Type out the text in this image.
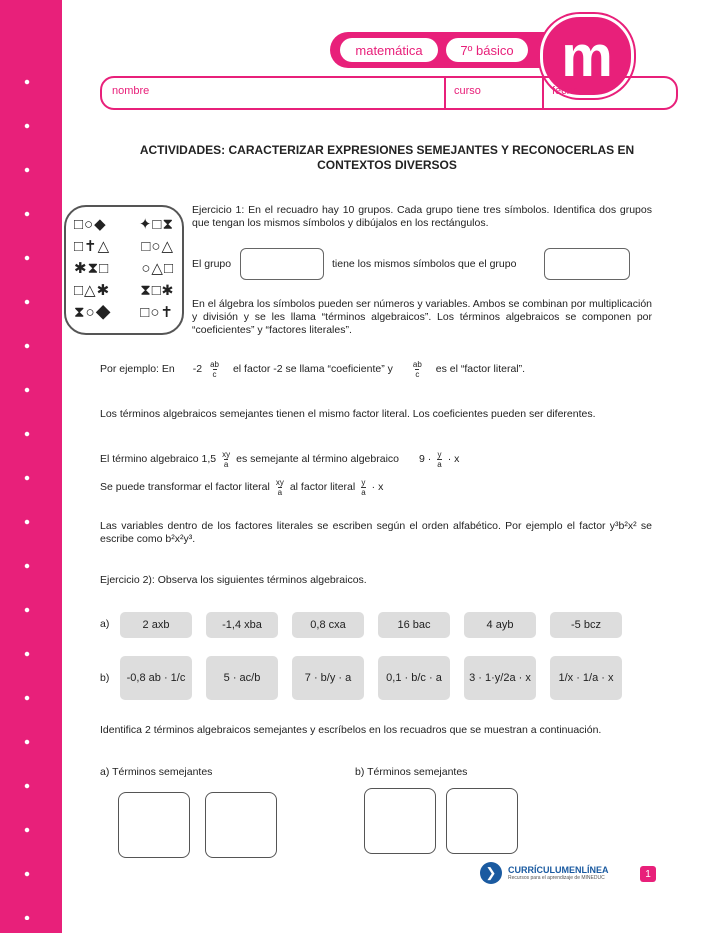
matemática	7º básico m
nombre	curso	fecha
ACTIVIDADES: CARACTERIZAR EXPRESIONES SEMEJANTES Y RECONOCERLAS EN
CONTEXTOS DIVERSOS
□○◆ ✦□⧗
□✝△ □○△
✱⧗□ ○△□
□△✱ ⧗□✱
⧗○◆ □○✝
Ejercicio 1: En el recuadro hay 10 grupos. Cada grupo tiene tres símbolos. Identifica dos grupos que tengan los mismos símbolos y dibújalos en los rectángulos.
El grupo	tiene los mismos símbolos que el grupo
En el álgebra los símbolos pueden ser números y variables. Ambos se combinan por multiplicación y división y se les llama “términos algebraicos”. Los términos algebraicos se componen por “coeficientes” y “factores literales”.
Por ejemplo: En $-2 \frac{ab}{c}$ el factor -2 se llama “coeficiente” y	$\frac{ab}{c}$ es el “factor literal”.
Los términos algebraicos semejantes tienen el mismo factor literal. Los coeficientes pueden ser diferentes.
El término algebraico $1,5 \frac{xy}{a}$ es semejante al término algebraico $9 \cdot \frac{y}{a} \cdot x$
Se puede transformar el factor literal $\frac{xy}{a}$ al factor literal $\frac{y}{a} \cdot x$
Las variables dentro de los factores literales se escriben según el orden alfabético. Por ejemplo el factor y³b²x² se escribe como b²x²y³.
Ejercicio 2): Observa los siguientes términos algebraicos.
a)	2 axb	-1,4 xba	0,8 cxa	16 bac	4 ayb	-5 bcz
b)	-0,8 ab · 1/c	5 · ac/b	7 · b/y · a	0,1 · b/c · a	3 · 1·y/2a · x	1/x · 1/a · x
Identifica 2 términos algebraicos semejantes y escríbelos en los recuadros que se muestran a continuación.
a) Términos semejantes	b) Términos semejantes
❯	CURRÍCULUMENLÍNEA
Recursos para el aprendizaje de MINEDUC	1
